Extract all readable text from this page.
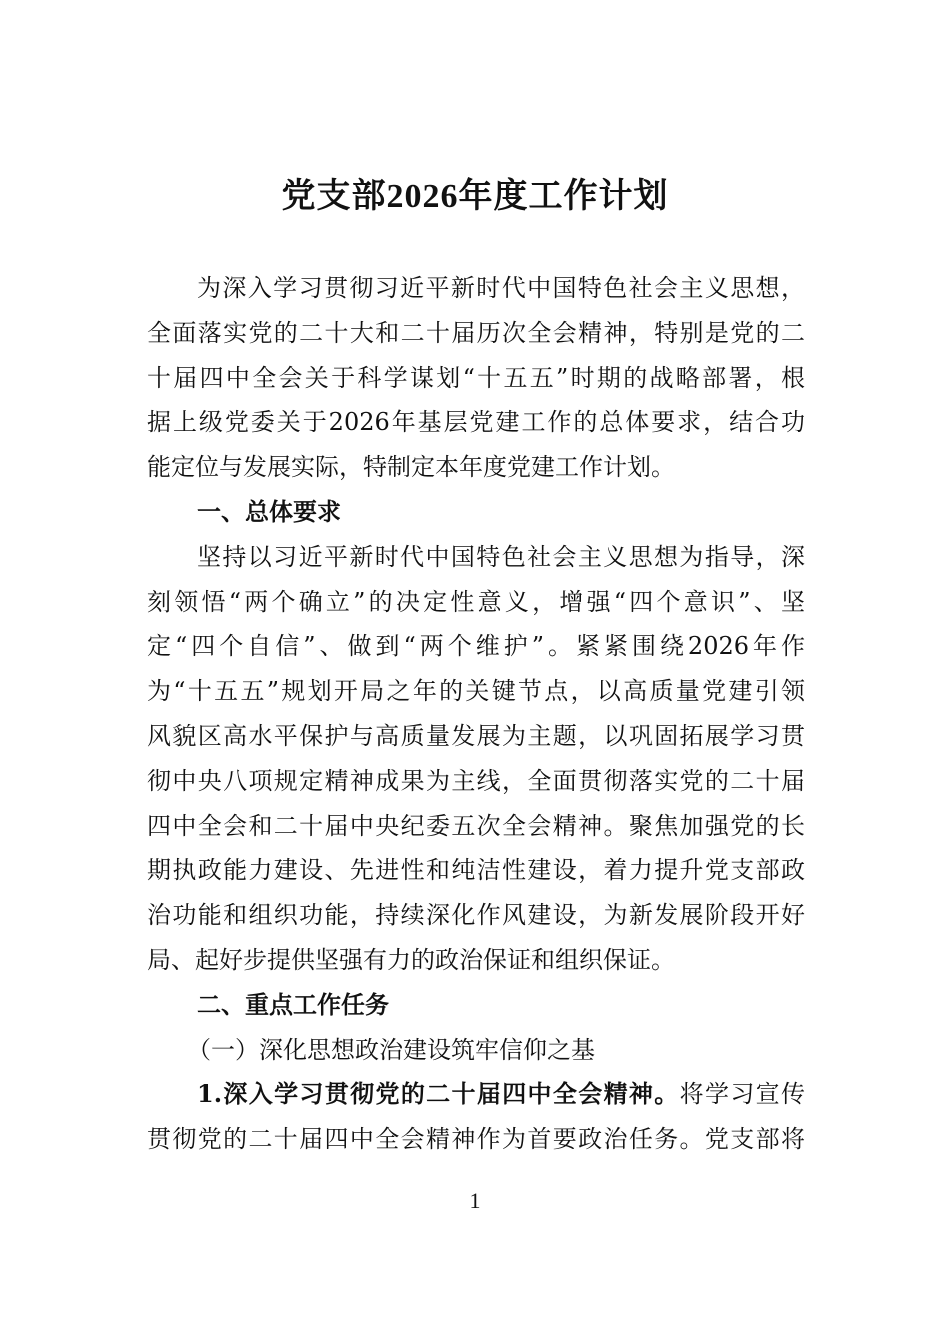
党支部2026年度工作计划
为深入学习贯彻习近平新时代中国特色社会主义思想，
全面落实党的二十大和二十届历次全会精神，特别是党的二
十届四中全会关于科学谋划“十五五”时期的战略部署，根
据上级党委关于2026年基层党建工作的总体要求，结合功
能定位与发展实际，特制定本年度党建工作计划。
一、总体要求
坚持以习近平新时代中国特色社会主义思想为指导，深
刻领悟“两个确立”的决定性意义，增强“四个意识”、坚
定“四个自信”、做到“两个维护”。紧紧围绕2026年作
为“十五五”规划开局之年的关键节点，以高质量党建引领
风貌区高水平保护与高质量发展为主题，以巩固拓展学习贯
彻中央八项规定精神成果为主线，全面贯彻落实党的二十届
四中全会和二十届中央纪委五次全会精神。聚焦加强党的长
期执政能力建设、先进性和纯洁性建设，着力提升党支部政
治功能和组织功能，持续深化作风建设，为新发展阶段开好
局、起好步提供坚强有力的政治保证和组织保证。
二、重点工作任务
（一）深化思想政治建设筑牢信仰之基
1.深入学习贯彻党的二十届四中全会精神。将学习宣传
贯彻党的二十届四中全会精神作为首要政治任务。党支部将
1
